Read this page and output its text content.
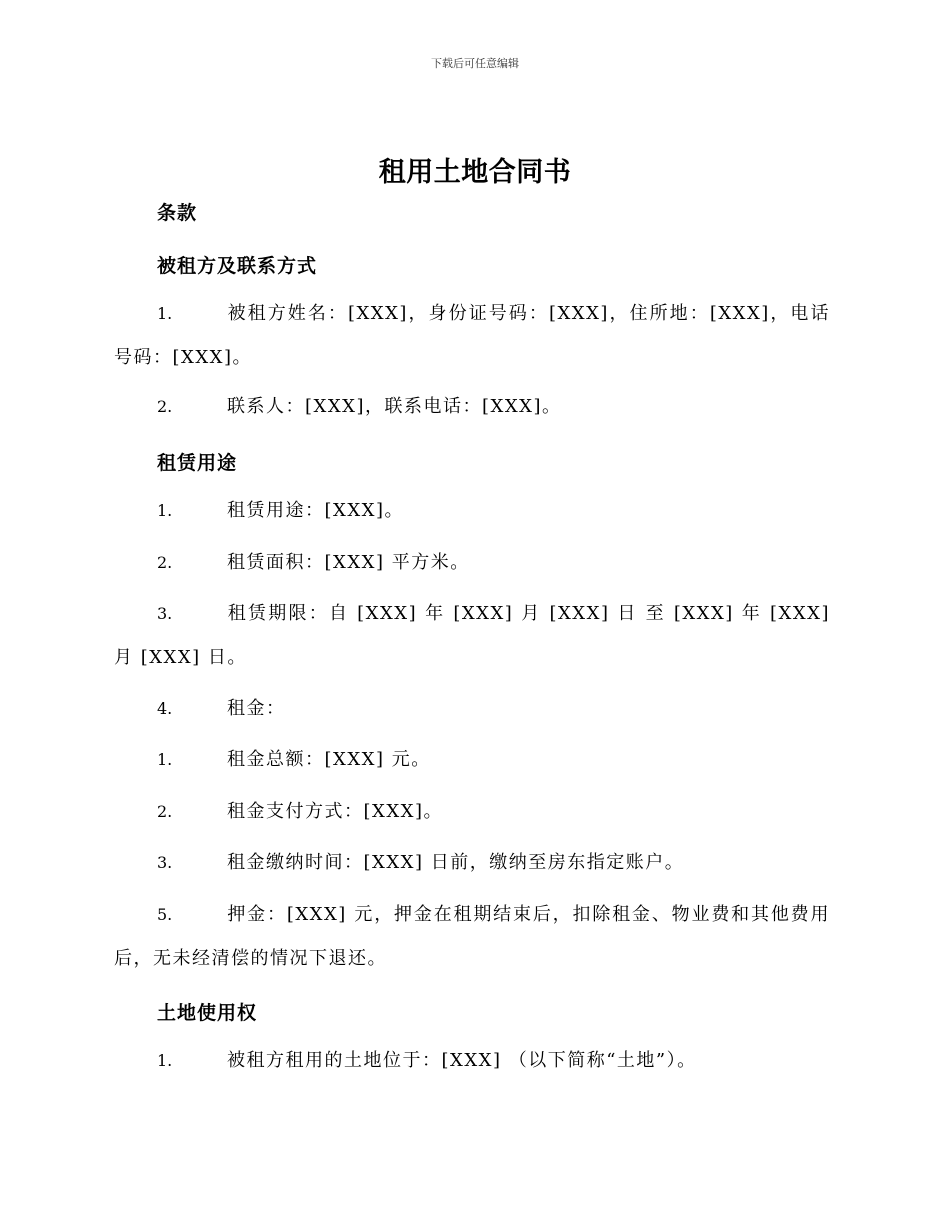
下载后可任意编辑
租用土地合同书
条款
被租方及联系方式
1.	被租方姓名：[XXX]，身份证号码：[XXX]，住所地：[XXX]，电话号码：[XXX]。
2.	联系人：[XXX]，联系电话：[XXX]。
租赁用途
1.	租赁用途：[XXX]。
2.	租赁面积：[XXX] 平方米。
3.	租赁期限：自 [XXX] 年 [XXX] 月 [XXX] 日 至 [XXX] 年 [XXX] 月 [XXX] 日。
4.	租金：
1.	租金总额：[XXX] 元。
2.	租金支付方式：[XXX]。
3.	租金缴纳时间：[XXX] 日前，缴纳至房东指定账户。
5.	押金：[XXX] 元，押金在租期结束后，扣除租金、物业费和其他费用后，无未经清偿的情况下退还。
土地使用权
1.	被租方租用的土地位于：[XXX] （以下简称“土地”）。
